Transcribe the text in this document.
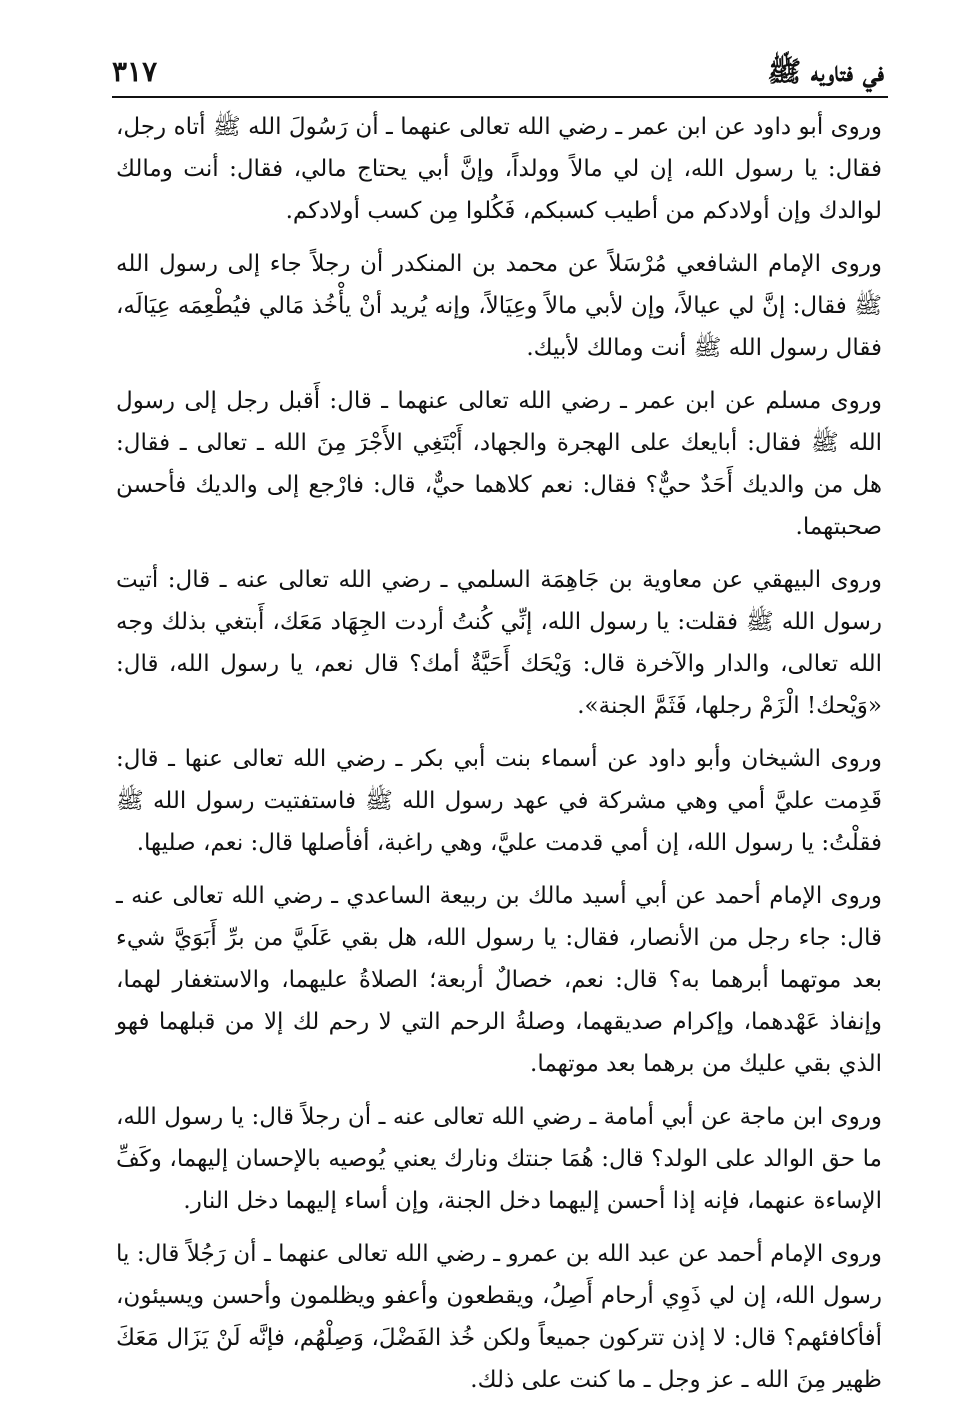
في فتاويه ﷺ
٣١٧

وروى أبو داود عن ابن عمر ـ رضي الله تعالى عنهما ـ أن رَسُولَ الله ﷺ أتاه رجل، فقال: يا رسول الله، إن لي مالاً وولداً، وإنَّ أبي يحتاج مالي، فقال: أنت ومالك لوالدك وإن أولادكم من أطيب كسبكم، فَكُلوا مِن كسب أولادكم.

وروى الإمام الشافعي مُرْسَلاً عن محمد بن المنكدر أن رجلاً جاء إلى رسول الله ﷺ فقال: إنَّ لي عيالاً، وإن لأبي مالاً وعِيَالاً، وإنه يُريد أنْ يأْخُذ مَالي فيُطْعِمَه عِيَالَه، فقال رسول الله ﷺ أنت ومالك لأبيك.

وروى مسلم عن ابن عمر ـ رضي الله تعالى عنهما ـ قال: أَقبل رجل إلى رسول الله ﷺ فقال: أبايعك على الهجرة والجهاد، أَبْتَغِي الأَجْرَ مِنَ الله ـ تعالى ـ فقال: هل من والديك أَحَدٌ حيٌّ؟ فقال: نعم كلاهما حيٌّ، قال: فارْجع إلى والديك فأحسن صحبتهما.

وروى البيهقي عن معاوية بن جَاهِمَة السلمي ـ رضي الله تعالى عنه ـ قال: أتيت رسول الله ﷺ فقلت: يا رسول الله، إنِّي كُنتُ أردت الجِهَاد مَعَك، أَبتغي بذلك وجه الله تعالى، والدار والآخرة قال: وَيْحَك أَحَيَّةٌ أمك؟ قال نعم، يا رسول الله، قال: «وَيْحك! الْزَمْ رجلها، فَثَمَّ الجنة».

وروى الشيخان وأبو داود عن أسماء بنت أبي بكر ـ رضي الله تعالى عنها ـ قال: قَدِمت عليَّ أمي وهي مشركة في عهد رسول الله ﷺ فاستفتيت رسول الله ﷺ فقلْتُ: يا رسول الله، إن أمي قدمت عليَّ، وهي راغبة، أفأصلها قال: نعم، صليها.

وروى الإمام أحمد عن أبي أسيد مالك بن ربيعة الساعدي ـ رضي الله تعالى عنه ـ قال: جاء رجل من الأنصار، فقال: يا رسول الله، هل بقي عَلَيَّ من برِّ أَبَوَيَّ شيء بعد موتهما أبرهما به؟ قال: نعم، خصالٌ أربعة؛ الصلاةُ عليهما، والاستغفار لهما، وإنفاذ عَهْدهما، وإكرام صديقهما، وصلةُ الرحم التي لا رحم لك إلا من قبلهما فهو الذي بقي عليك من برهما بعد موتهما.

وروى ابن ماجة عن أبي أمامة ـ رضي الله تعالى عنه ـ أن رجلاً قال: يا رسول الله، ما حق الوالد على الولد؟ قال: هُمَا جنتك ونارك يعني يُوصيه بالإحسان إليهما، وكَفِّ الإساءة عنهما، فإنه إذا أحسن إليهما دخل الجنة، وإن أساء إليهما دخل النار.

وروى الإمام أحمد عن عبد الله بن عمرو ـ رضي الله تعالى عنهما ـ أن رَجُلاً قال: يا رسول الله، إن لي ذَوِي أرحام أَصِلُ، ويقطعون وأعفو ويظلمون وأحسن ويسيئون، أفأكافئهم؟ قال: لا إذن تتركون جميعاً ولكن خُذ الفَضْلَ، وَصِلْهُم، فإنَّه لَنْ يَزَال مَعَكَ ظهير مِنَ الله ـ عز وجل ـ ما كنت على ذلك.
